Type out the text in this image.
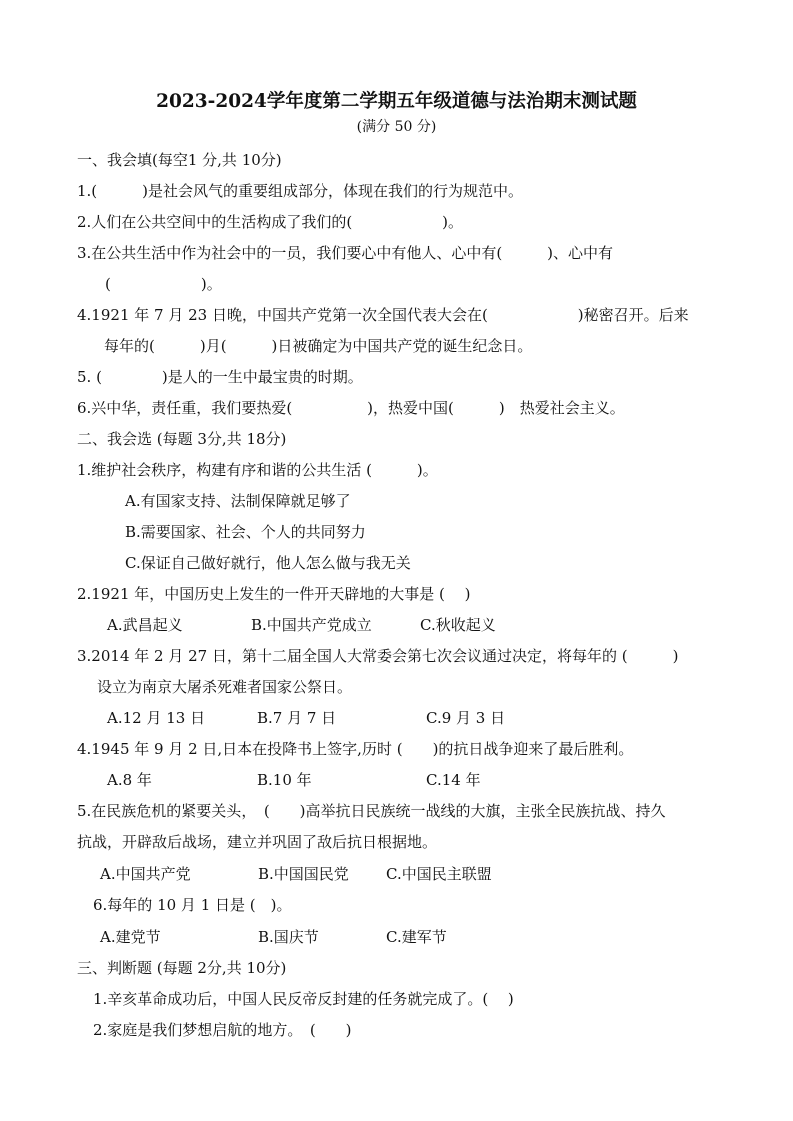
2023-2024学年度第二学期五年级道德与法治期末测试题
(满分 50 分)

一、我会填(每空1 分,共 10分)

1.(　　　)是社会风气的重要组成部分，体现在我们的行为规范中。

2.人们在公共空间中的生活构成了我们的(　　　　　　)。

3.在公共生活中作为社会中的一员，我们要心中有他人、心中有(　　　)、心中有

(　　　　　　)。

4.1921 年 7 月 23 日晚，中国共产党第一次全国代表大会在(　　　　　　)秘密召开。后来

每年的(　　　)月(　　　)日被确定为中国共产党的诞生纪念日。

5. (　　　　)是人的一生中最宝贵的时期。

6.兴中华，责任重，我们要热爱(　　　　　)，热爱中国(　　　)　热爱社会主义。

二、我会选 (每题 3分,共 18分)

1.维护社会秩序，构建有序和谐的公共生活 (　　　)。

A.有国家支持、法制保障就足够了

B.需要国家、社会、个人的共同努力

C.保证自己做好就行，他人怎么做与我无关

2.1921 年，中国历史上发生的一件开天辟地的大事是 (　 )

A.武昌起义	B.中国共产党成立	C.秋收起义

3.2014 年 2 月 27 日，第十二届全国人大常委会第七次会议通过决定，将每年的 (　　　)

设立为南京大屠杀死难者国家公祭日。

A.12 月 13 日	B.7 月 7 日	C.9 月 3 日

4.1945 年 9 月 2 日,日本在投降书上签字,历时 (　　)的抗日战争迎来了最后胜利。

A.8 年	B.10 年	C.14 年

5.在民族危机的紧要关头，　(　　)高举抗日民族统一战线的大旗，主张全民族抗战、持久

抗战，开辟敌后战场，建立并巩固了敌后抗日根据地。

A.中国共产党	B.中国国民党 C.中国民主联盟

6.每年的 10 月 1 日是 (　)。

A.建党节	B.国庆节	C.建军节

三、判断题 (每题 2分,共 10分)

1.辛亥革命成功后，中国人民反帝反封建的任务就完成了。(　 )

2.家庭是我们梦想启航的地方。　(　　)
